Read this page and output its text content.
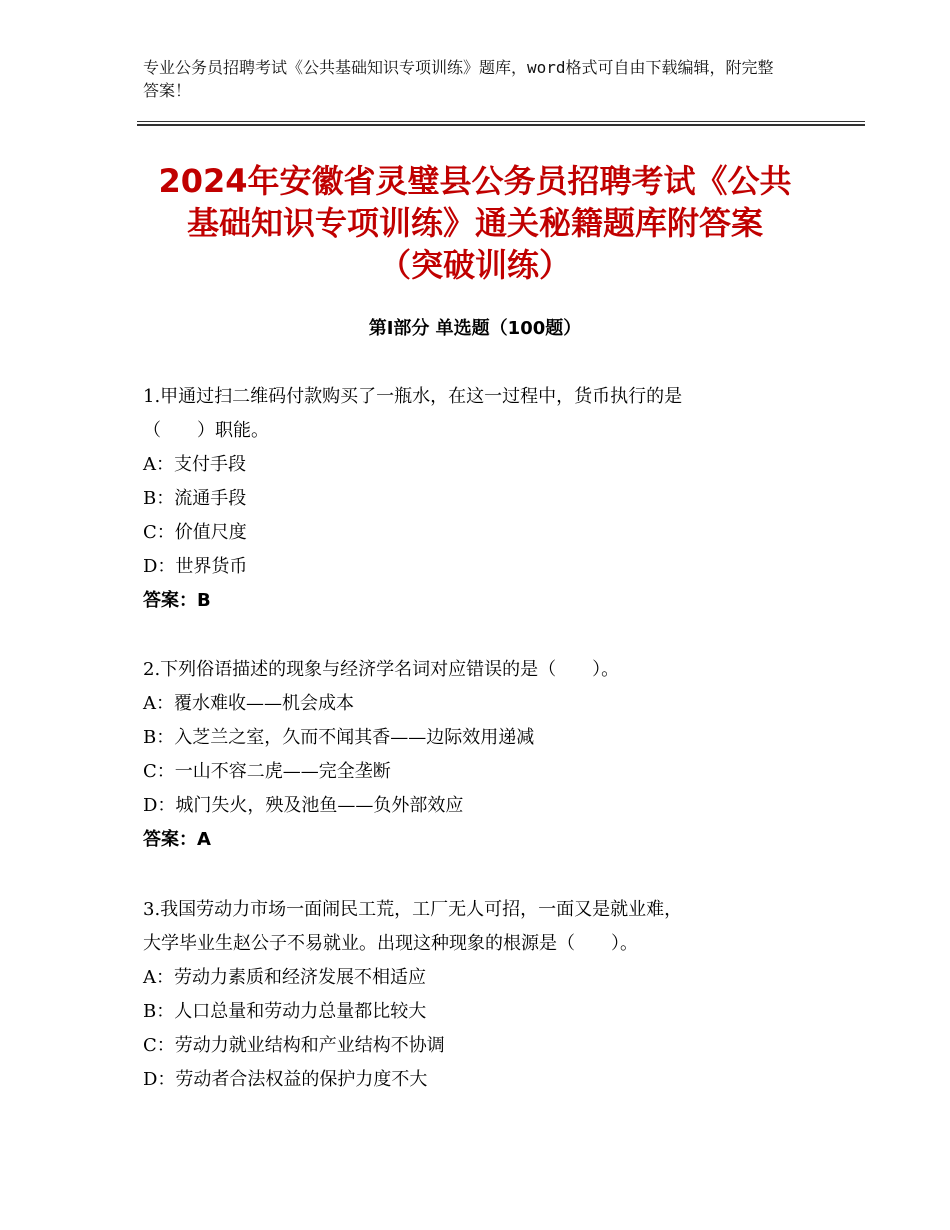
专业公务员招聘考试《公共基础知识专项训练》题库，word格式可自由下载编辑，附完整答案！
2024年安徽省灵璧县公务员招聘考试《公共
基础知识专项训练》通关秘籍题库附答案
（突破训练）
第Ⅰ部分 单选题（100题）
1.甲通过扫二维码付款购买了一瓶水，在这一过程中，货币执行的是
（　　）职能。
A：支付手段
B：流通手段
C：价值尺度
D：世界货币
答案：B
2.下列俗语描述的现象与经济学名词对应错误的是（　　）。
A：覆水难收——机会成本
B：入芝兰之室，久而不闻其香——边际效用递减
C：一山不容二虎——完全垄断
D：城门失火，殃及池鱼——负外部效应
答案：A
3.我国劳动力市场一面闹民工荒，工厂无人可招，一面又是就业难，
大学毕业生赵公子不易就业。出现这种现象的根源是（　　）。
A：劳动力素质和经济发展不相适应
B：人口总量和劳动力总量都比较大
C：劳动力就业结构和产业结构不协调
D：劳动者合法权益的保护力度不大
